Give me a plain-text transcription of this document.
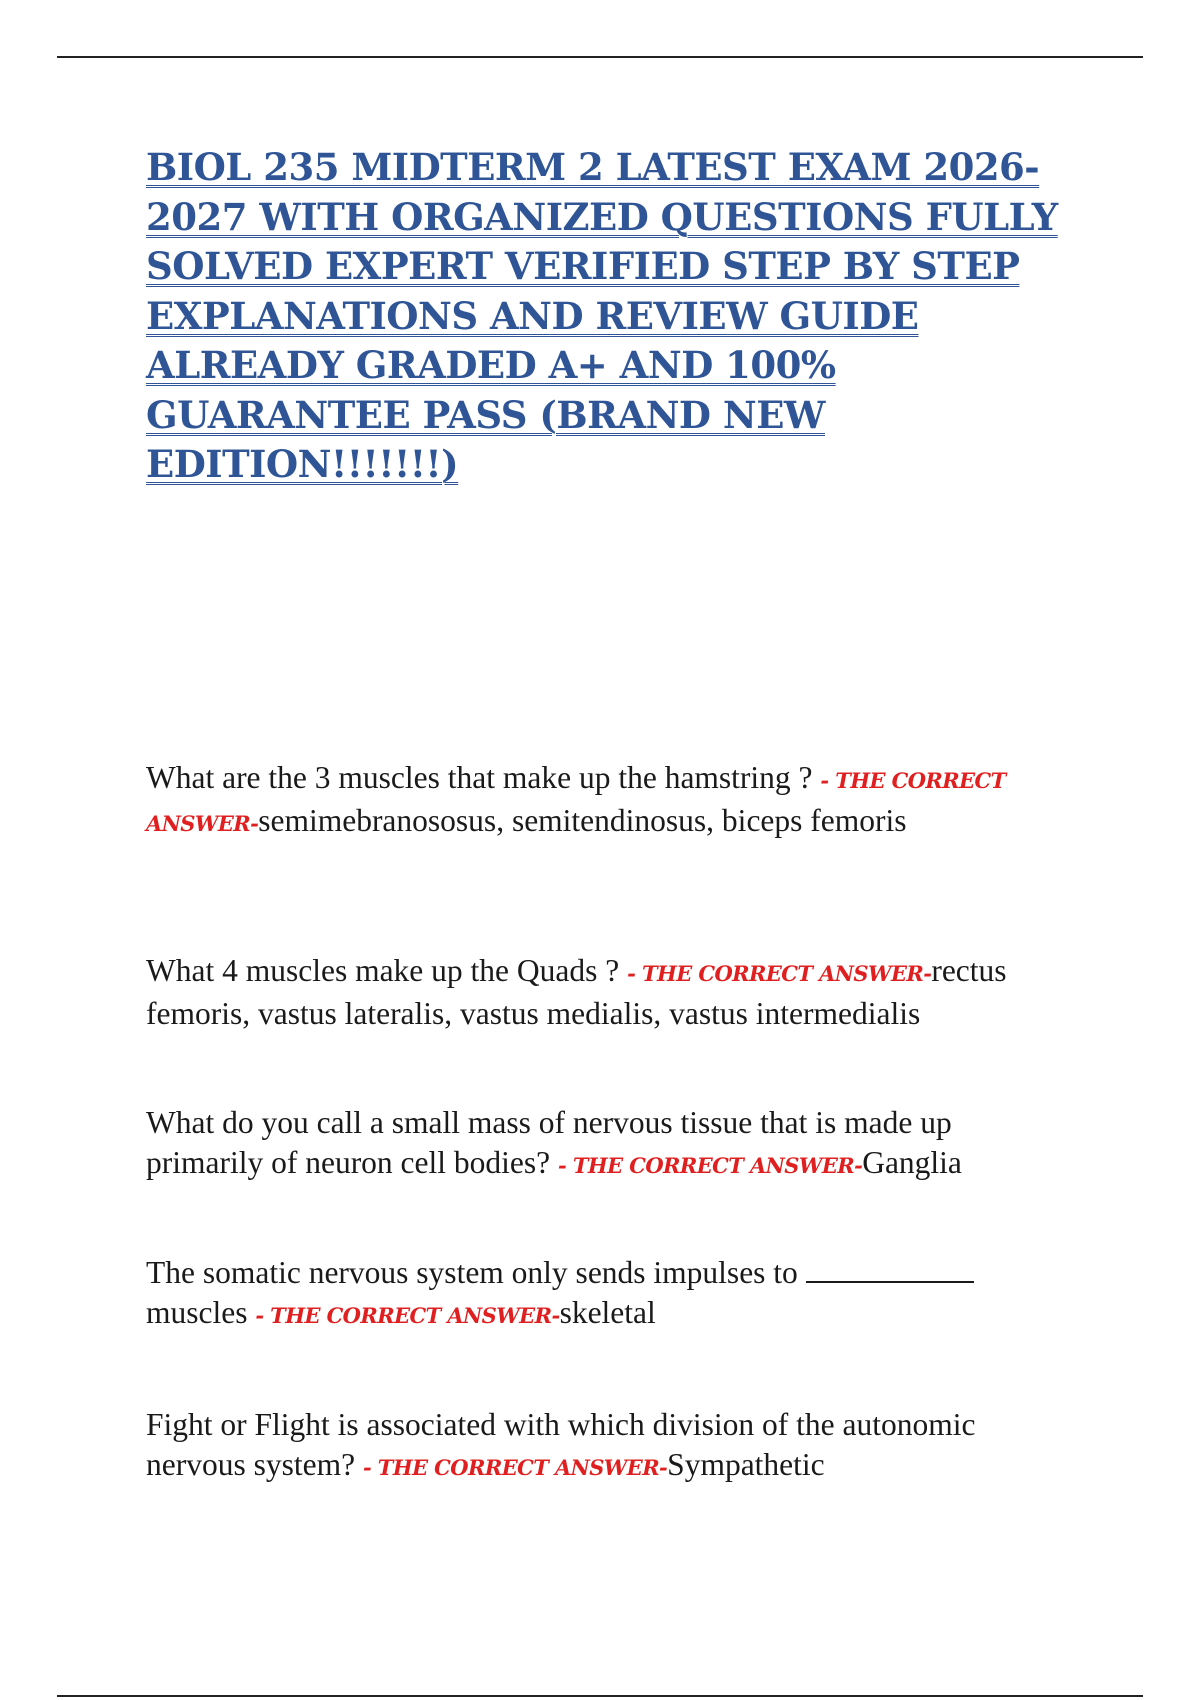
BIOL 235 MIDTERM 2 LATEST EXAM 2026-2027 WITH ORGANIZED QUESTIONS FULLY SOLVED EXPERT VERIFIED STEP BY STEP EXPLANATIONS AND REVIEW GUIDE ALREADY GRADED A+ AND 100% GUARANTEE PASS (BRAND NEW EDITION!!!!!!!)

What are the 3 muscles that make up the hamstring ? - THE CORRECT ANSWER-semimebranososus, semitendinosus, biceps femoris

What 4 muscles make up the Quads ? - THE CORRECT ANSWER-rectus femoris, vastus lateralis, vastus medialis, vastus intermedialis

What do you call a small mass of nervous tissue that is made up primarily of neuron cell bodies? - THE CORRECT ANSWER-Ganglia

The somatic nervous system only sends impulses to  muscles - THE CORRECT ANSWER-skeletal

Fight or Flight is associated with which division of the autonomic nervous system? - THE CORRECT ANSWER-Sympathetic
